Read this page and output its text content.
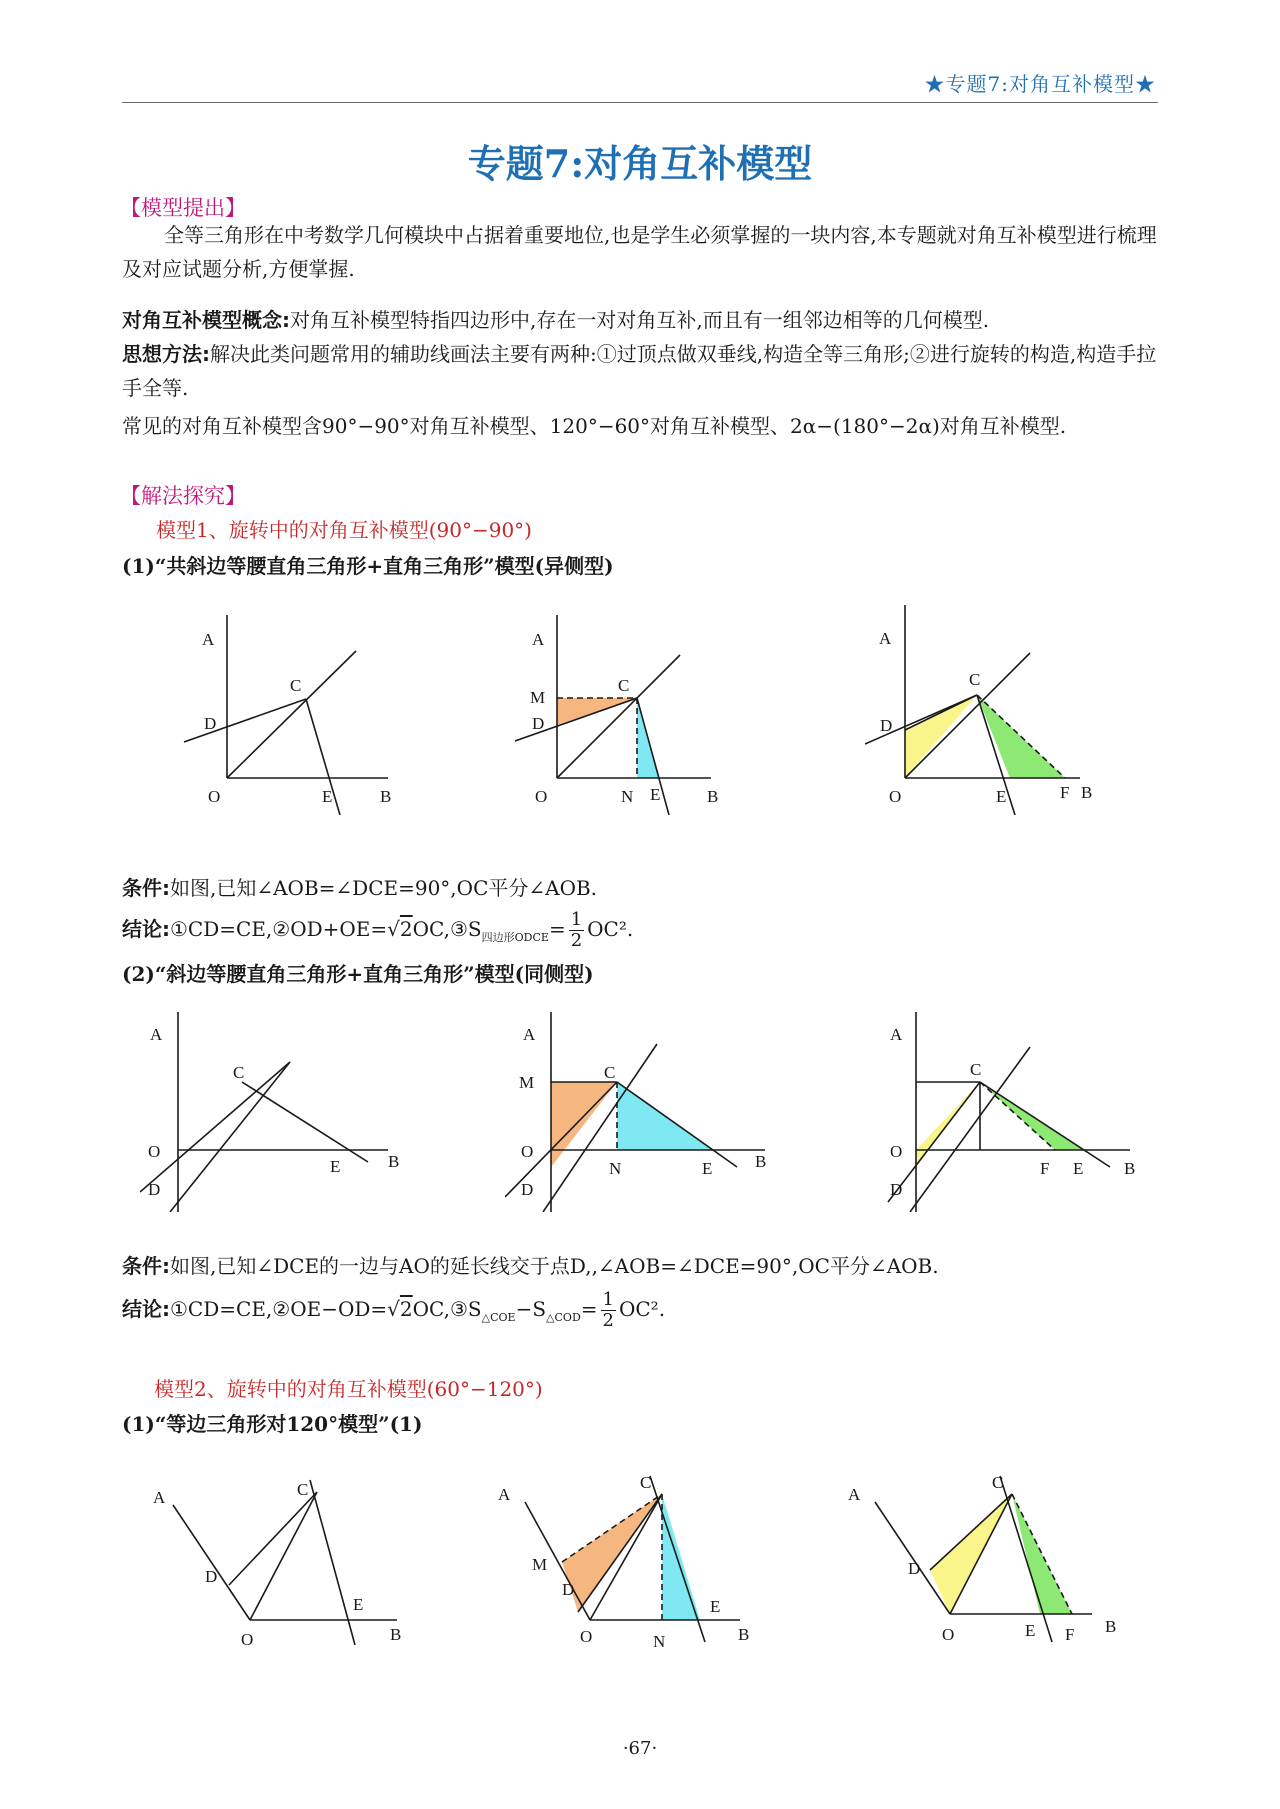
★专题7:对角互补模型★
专题7:对角互补模型
【模型提出】
全等三角形在中考数学几何模块中占据着重要地位,也是学生必须掌握的一块内容,本专题就对角互补模型进行梳理及对应试题分析,方便掌握.
对角互补模型概念:对角互补模型特指四边形中,存在一对对角互补,而且有一组邻边相等的几何模型.
思想方法:解决此类问题常用的辅助线画法主要有两种:①过顶点做双垂线,构造全等三角形;②进行旋转的构造,构造手拉手全等.
常见的对角互补模型含90°−90°对角互补模型、120°−60°对角互补模型、2α−(180°−2α)对角互补模型.
【解法探究】
模型1、旋转中的对角互补模型(90°−90°)
(1)“共斜边等腰直角三角形+直角三角形”模型(异侧型)
A
C
D
O	E	B
A
C
M
D
O	N E	B
A
C
D
O	E	F B
条件:如图,已知∠AOB=∠DCE=90°,OC平分∠AOB.
结论$:①CD=CE,②OD+OE=√2OC,③S_{四边形ODCE}= \frac{1}{2} OC^2$.
(2)“斜边等腰直角三角形+直角三角形”模型(同侧型)
A
C
O
D
E	B
A
C
M
O
N
D
E	B
A
C
O
D
F E B
条件:如图,已知∠DCE的一边与AO的延长线交于点D,,∠AOB=∠DCE=90°,OC平分∠AOB.
结论$:①CD=CE,②OE-OD=√2OC,③S_{\triangle COE}-S_{\triangle COD}= \frac{1}{2} OC^2$.
模型2、旋转中的对角互补模型(60°−120°)
(1)“等边三角形对120°模型”(1)
A	C
D
E
O	B
A
C
M
D
E
O	N	B
A
C
D
O	E F B
·67·
